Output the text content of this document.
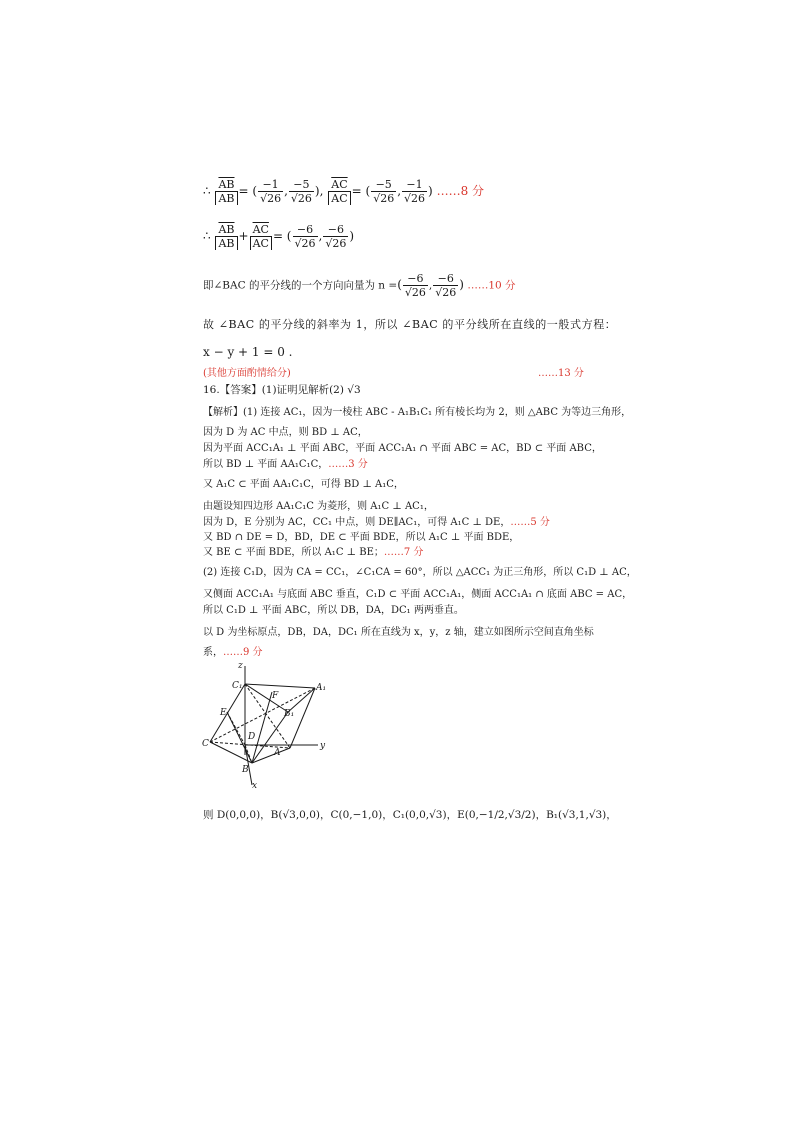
∴ $\frac{\overline{AB}}{AB}$ = ( $\frac{-1}{√26}$ , $\frac{-5}{√26}$ ), $\frac{\overline{AC}}{AC}$ = ( $\frac{-5}{√26}$ , $\frac{-1}{√26}$ ) ……8 分
∴ $\frac{\overline{AB}}{AB} + \frac{\overline{AC}}{AC}$ = ( $\frac{-6}{√26}$ , $\frac{-6}{√26}$ )
即∠BAC 的平分线的一个方向向量为 n =( $\frac{-6}{√26}$ , $\frac{-6}{√26}$ ) ……10 分
故 ∠BAC 的平分线的斜率为 1，所以 ∠BAC 的平分线所在直线的一般式方程：
x − y + 1 = 0 .
(其他方面酌情给分)	……13 分
16.【答案】(1)证明见解析(2) √3
【解析】(1) 连接 AC₁，因为一棱柱 ABC - A₁B₁C₁ 所有棱长均为 2，则 △ABC 为等边三角形，
因为 D 为 AC 中点，则 BD ⊥ AC，
因为平面 ACC₁A₁ ⊥ 平面 ABC，平面 ACC₁A₁ ∩ 平面 ABC = AC，BD ⊂ 平面 ABC，
所以 BD ⊥ 平面 AA₁C₁C，……3 分
又 A₁C ⊂ 平面 AA₁C₁C，可得 BD ⊥ A₁C，
由题设知四边形 AA₁C₁C 为菱形，则 A₁C ⊥ AC₁，
因为 D，E 分别为 AC，CC₁ 中点，则 DE∥AC₁，可得 A₁C ⊥ DE，……5 分
又 BD ∩ DE = D，BD，DE ⊂ 平面 BDE，所以 A₁C ⊥ 平面 BDE，
又 BE ⊂ 平面 BDE，所以 A₁C ⊥ BE；……7 分
(2) 连接 C₁D，因为 CA = CC₁，∠C₁CA = 60°，所以 △ACC₁ 为正三角形，所以 C₁D ⊥ AC，
又侧面 ACC₁A₁ 与底面 ABC 垂直，C₁D ⊂ 平面 ACC₁A₁，侧面 ACC₁A₁ ∩ 底面 ABC = AC，
所以 C₁D ⊥ 平面 ABC，所以 DB，DA，DC₁ 两两垂直。
以 D 为坐标原点，DB，DA，DC₁ 所在直线为 x，y，z 轴，建立如图所示空间直角坐标
系，……9 分
z
C₁	A₁
F
E	B₁
D
C
A
y
B
x
则 D(0,0,0)，B(√3,0,0)，C(0,−1,0)，C₁(0,0,√3)，E(0,−1/2,√3/2)，B₁(√3,1,√3)，
